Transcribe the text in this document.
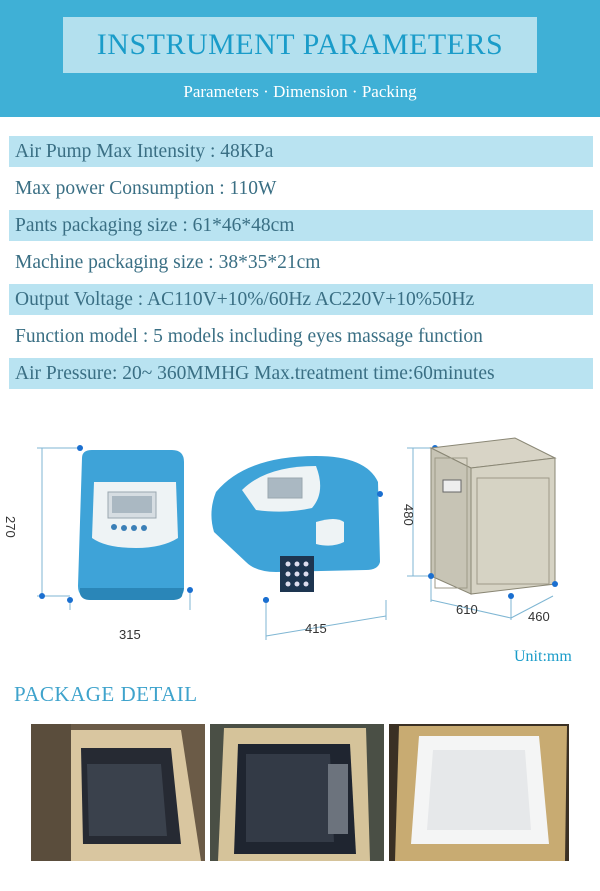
INSTRUMENT PARAMETERS
Parameters · Dimension · Packing
Air Pump Max Intensity : 48KPa
Max power Consumption : 110W
Pants packaging size : 61*46*48cm
Machine packaging size : 38*35*21cm
Output Voltage : AC110V+10%/60Hz AC220V+10%50Hz
Function model : 5 models including eyes massage function
Air Pressure: 20~ 360MMHG Max.treatment time:60minutes
270
315	415
480
610	460
Unit:mm
PACKAGE DETAIL
